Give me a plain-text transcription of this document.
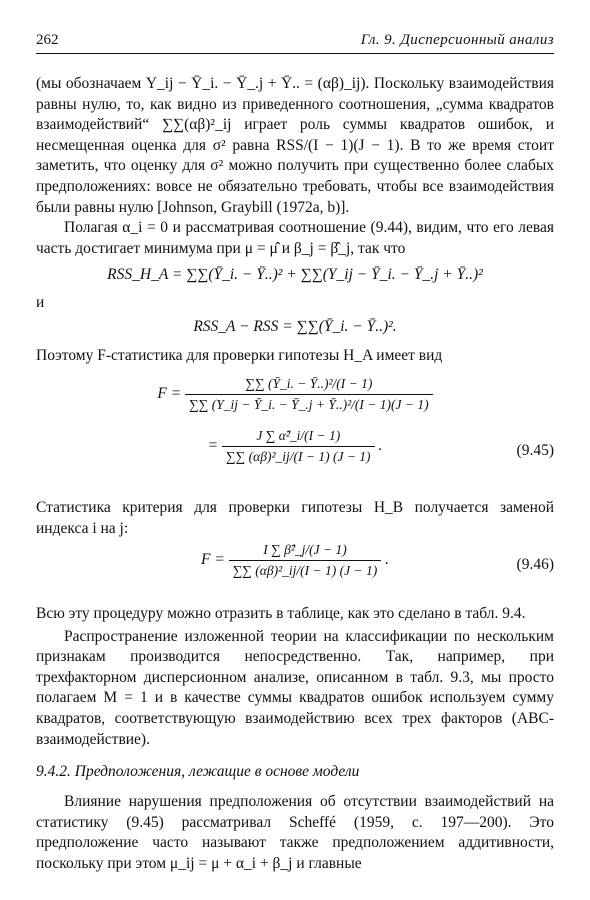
262	Гл. 9. Дисперсионный анализ

(мы обозначаем Y_ij − Ȳ_i. − Ȳ_.j + Ȳ.. = (αβ)_ij). Поскольку взаимодействия равны нулю, то, как видно из приведенного соотношения, „сумма квадратов взаимодействий“ ∑∑(αβ)²_ij играет роль суммы квадратов ошибок, и несмещенная оценка для σ² равна RSS/(I − 1)(J − 1). В то же время стоит заметить, что оценку для σ² можно получить при существенно более слабых предположениях: вовсе не обязательно требовать, чтобы все взаимодействия были равны нулю [Johnson, Graybill (1972a, b)].

Полагая α_i = 0 и рассматривая соотношение (9.44), видим, что его левая часть достигает минимума при μ = μ̂ и β_j = β̂_j, так что

RSS_H_A = ∑∑(Ȳ_i. − Ȳ..)² + ∑∑(Y_ij − Ȳ_i. − Ȳ_.j + Ȳ..)²
и
RSS_A − RSS = ∑∑(Ȳ_i. − Ȳ..)².

Поэтому F-статистика для проверки гипотезы H_A имеет вид

$F = \frac{\text{∑∑ (Ȳ\_i. − Ȳ..)²/(I − 1)}}{\text{∑∑ (Y\_ij − Ȳ\_i. − Ȳ\_.j + Ȳ..)²/(I − 1)(J − 1)}}$
= $\frac{\text{J ∑ α̂²\_i/(I − 1)}}{\text{∑∑ (αβ)²\_ij/(I − 1) (J − 1)}}$ .	(9.45)

Статистика критерия для проверки гипотезы H_B получается заменой индекса i на j:

$F = \frac{\text{I ∑ β̂²\_j/(J − 1)}}{\text{∑∑ (αβ)²\_ij/(I − 1) (J − 1)}}$ .	(9.46)

Всю эту процедуру можно отразить в таблице, как это сделано в табл. 9.4.

Распространение изложенной теории на классификации по нескольким признакам производится непосредственно. Так, например, при трехфакторном дисперсионном анализе, описанном в табл. 9.3, мы просто полагаем M = 1 и в качестве суммы квадратов ошибок используем сумму квадратов, соответствующую взаимодействию всех трех факторов (ABC-взаимодействие).

9.4.2. Предположения, лежащие в основе модели

Влияние нарушения предположения об отсутствии взаимодействий на статистику (9.45) рассматривал Scheffé (1959, с. 197—200). Это предположение часто называют также предположением аддитивности, поскольку при этом μ_ij = μ + α_i + β_j и главные
